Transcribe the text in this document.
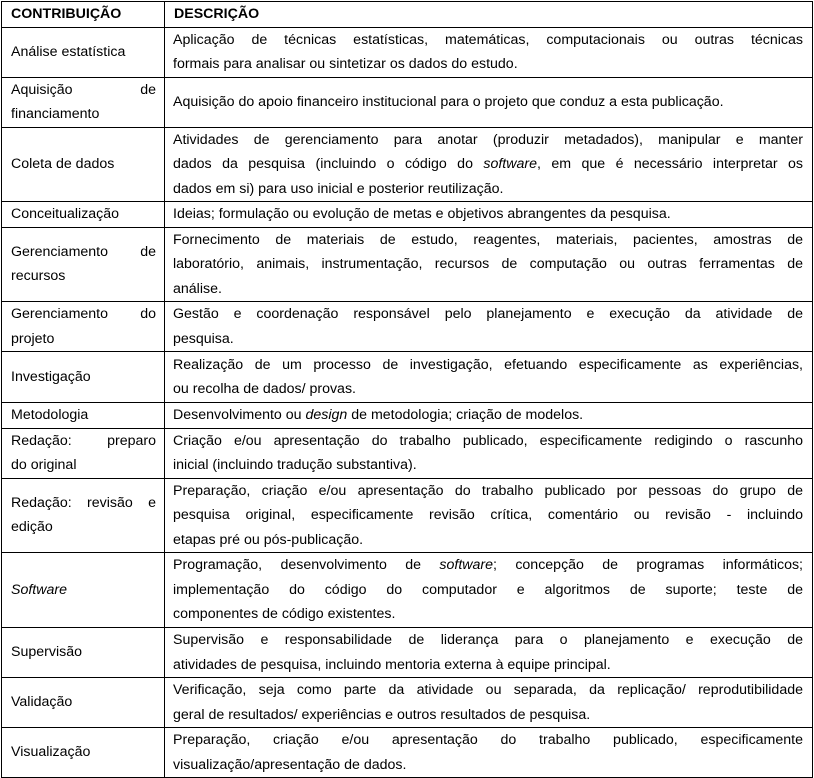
CONTRIBUIÇÃO	DESCRIÇÃO

Análise estatística	Aplicação de técnicas estatísticas, matemáticas, computacionais ou outras técnicas
formais para analisar ou sintetizar os dados do estudo.

Aquisição de
financiamento	Aquisição do apoio financeiro institucional para o projeto que conduz a esta publicação.

Coleta de dados	Atividades de gerenciamento para anotar (produzir metadados), manipular e manter
dados da pesquisa (incluindo o código do software, em que é necessário interpretar os
dados em si) para uso inicial e posterior reutilização.

Conceitualização	Ideias; formulação ou evolução de metas e objetivos abrangentes da pesquisa.

Gerenciamento de
recursos	Fornecimento de materiais de estudo, reagentes, materiais, pacientes, amostras de
laboratório, animais, instrumentação, recursos de computação ou outras ferramentas de
análise.

Gerenciamento do
projeto	Gestão e coordenação responsável pelo planejamento e execução da atividade de
pesquisa.

Investigação	Realização de um processo de investigação, efetuando especificamente as experiências,
ou recolha de dados/ provas.

Metodologia	Desenvolvimento ou design de metodologia; criação de modelos.

Redação: preparo
do original	Criação e/ou apresentação do trabalho publicado, especificamente redigindo o rascunho
inicial (incluindo tradução substantiva).

Redação: revisão e
edição	Preparação, criação e/ou apresentação do trabalho publicado por pessoas do grupo de
pesquisa original, especificamente revisão crítica, comentário ou revisão - incluindo
etapas pré ou pós-publicação.

Software	Programação, desenvolvimento de software; concepção de programas informáticos;
implementação do código do computador e algoritmos de suporte; teste de
componentes de código existentes.

Supervisão	Supervisão e responsabilidade de liderança para o planejamento e execução de
atividades de pesquisa, incluindo mentoria externa à equipe principal.

Validação	Verificação, seja como parte da atividade ou separada, da replicação/ reprodutibilidade
geral de resultados/ experiências e outros resultados de pesquisa.

Visualização	Preparação, criação e/ou apresentação do trabalho publicado, especificamente
visualização/apresentação de dados.
